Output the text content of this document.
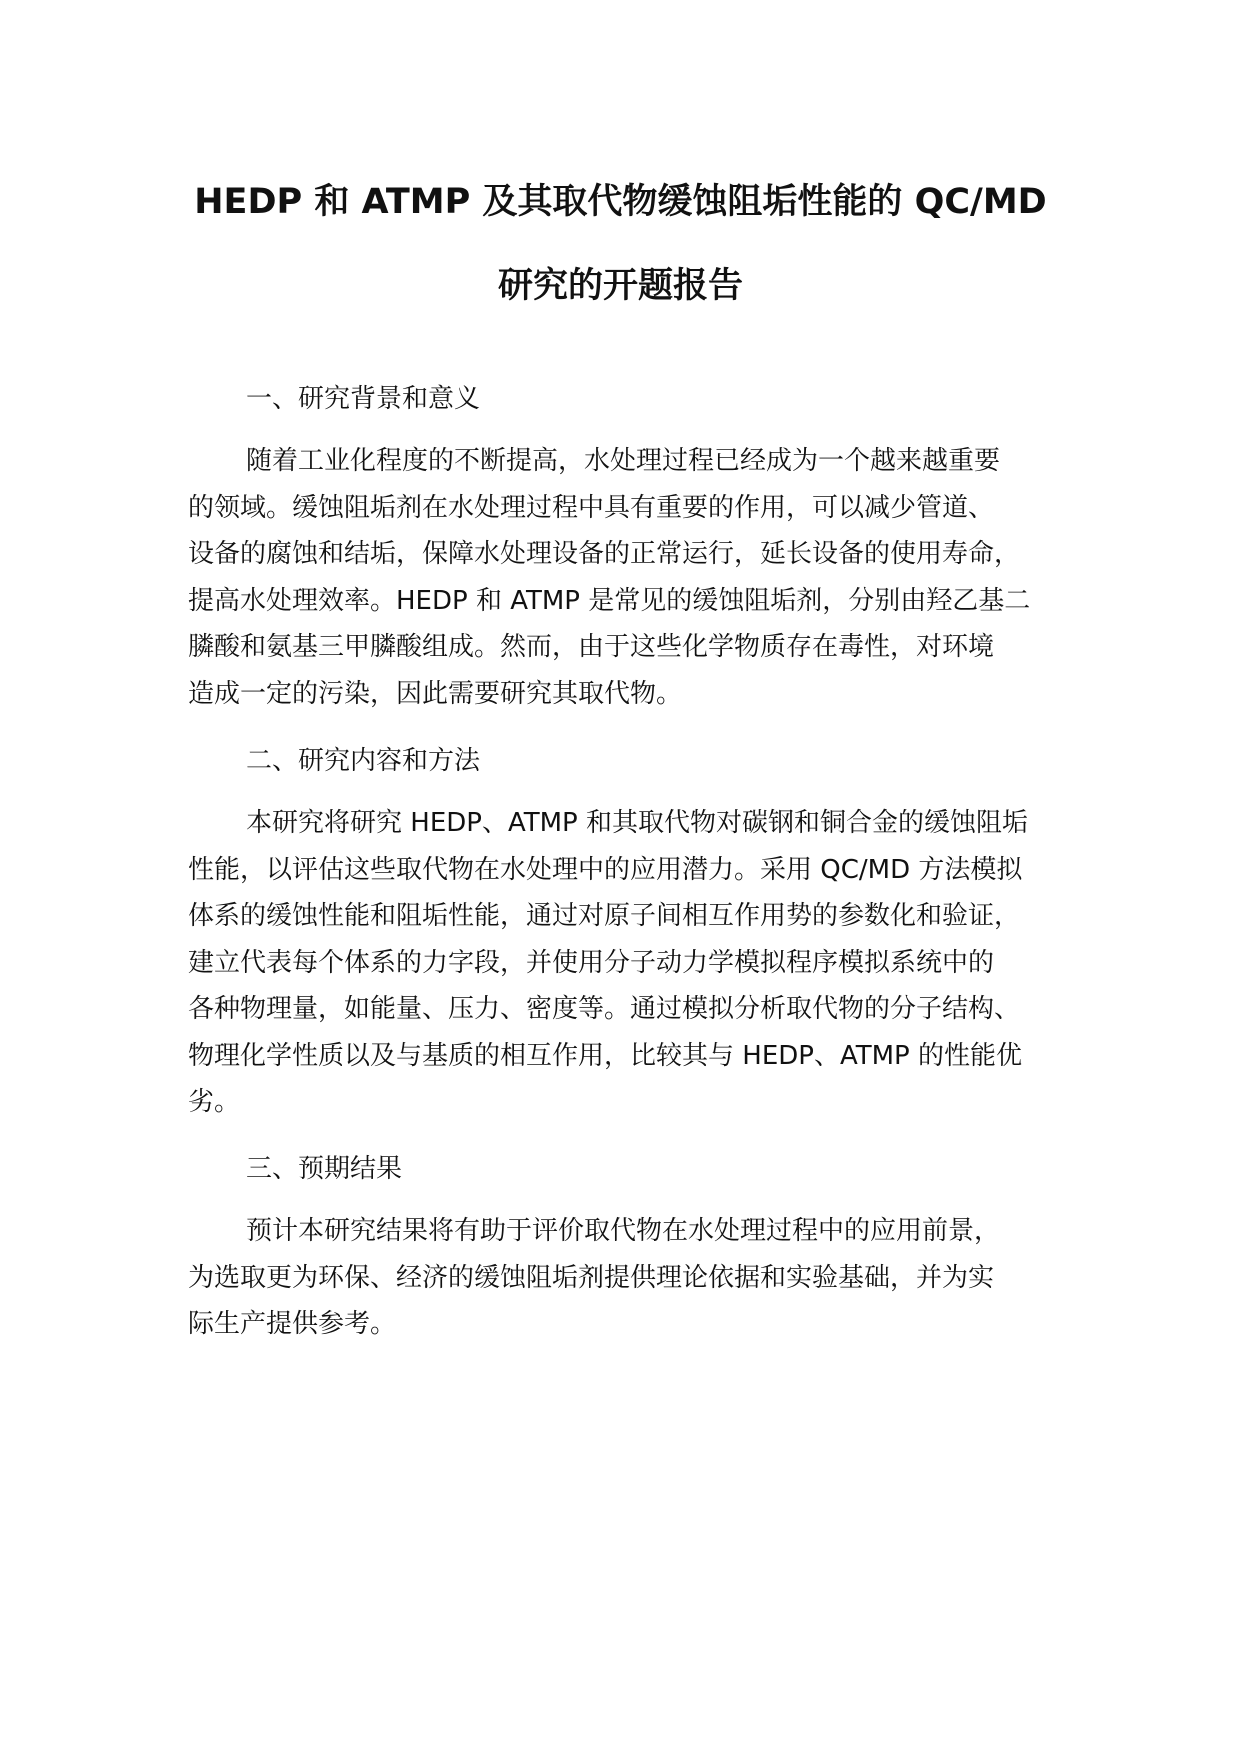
HEDP 和 ATMP 及其取代物缓蚀阻垢性能的 QC/MD
研究的开题报告
一、研究背景和意义
随着工业化程度的不断提高，水处理过程已经成为一个越来越重要
的领域。缓蚀阻垢剂在水处理过程中具有重要的作用，可以减少管道、
设备的腐蚀和结垢，保障水处理设备的正常运行，延长设备的使用寿命，
提高水处理效率。HEDP 和 ATMP 是常见的缓蚀阻垢剂，分别由羟乙基二
膦酸和氨基三甲膦酸组成。然而，由于这些化学物质存在毒性，对环境
造成一定的污染，因此需要研究其取代物。
二、研究内容和方法
本研究将研究 HEDP、ATMP 和其取代物对碳钢和铜合金的缓蚀阻垢
性能，以评估这些取代物在水处理中的应用潜力。采用 QC/MD 方法模拟
体系的缓蚀性能和阻垢性能，通过对原子间相互作用势的参数化和验证，
建立代表每个体系的力字段，并使用分子动力学模拟程序模拟系统中的
各种物理量，如能量、压力、密度等。通过模拟分析取代物的分子结构、
物理化学性质以及与基质的相互作用，比较其与 HEDP、ATMP 的性能优
劣。
三、预期结果
预计本研究结果将有助于评价取代物在水处理过程中的应用前景，
为选取更为环保、经济的缓蚀阻垢剂提供理论依据和实验基础，并为实
际生产提供参考。
